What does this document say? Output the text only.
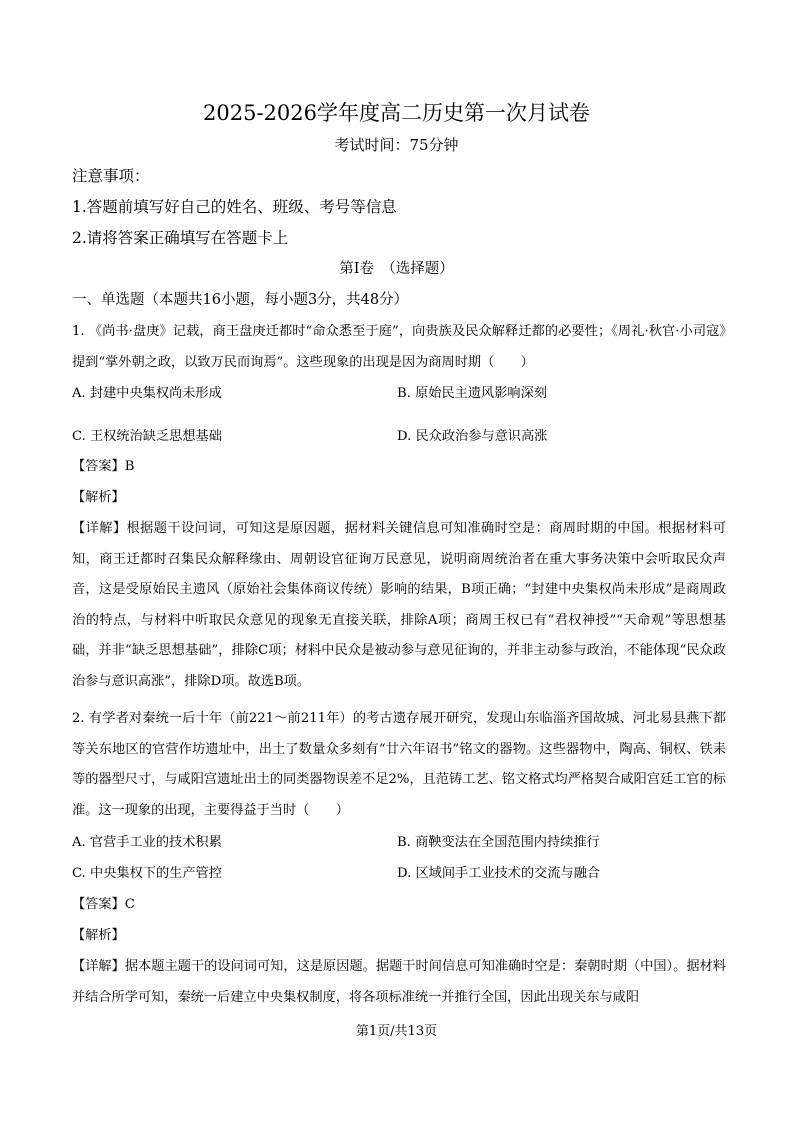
2025-2026学年度高二历史第一次月试卷
考试时间：75分钟
注意事项：
1.答题前填写好自己的姓名、班级、考号等信息
2.请将答案正确填写在答题卡上
第Ⅰ卷　（选择题）
一、单选题（本题共16小题，每小题3分，共48分）
1. 《尚书·盘庚》记载，商王盘庚迁都时“命众悉至于庭”，向贵族及民众解释迁都的必要性；《周礼·秋官·小司寇》提到“掌外朝之政，以致万民而询焉”。这些现象的出现是因为商周时期（　　）
A. 封建中央集权尚未形成	B. 原始民主遗风影响深刻
C. 王权统治缺乏思想基础	D. 民众政治参与意识高涨
【答案】B
【解析】
【详解】根据题干设问词，可知这是原因题，据材料关键信息可知准确时空是：商周时期的中国。根据材料可知，商王迁都时召集民众解释缘由、周朝设官征询万民意见，说明商周统治者在重大事务决策中会听取民众声音，这是受原始民主遗风（原始社会集体商议传统）影响的结果，B项正确；“封建中央集权尚未形成”是商周政治的特点，与材料中听取民众意见的现象无直接关联，排除A项；商周王权已有“君权神授”“天命观”等思想基础，并非“缺乏思想基础”，排除C项；材料中民众是被动参与意见征询的，并非主动参与政治，不能体现“民众政治参与意识高涨”，排除D项。故选B项。
2. 有学者对秦统一后十年（前221～前211年）的考古遗存展开研究，发现山东临淄齐国故城、河北易县燕下都等关东地区的官营作坊遗址中，出土了数量众多刻有“廿六年诏书”铭文的器物。这些器物中，陶高、铜权、铁耒等的器型尺寸，与咸阳宫遗址出土的同类器物误差不足2%，且范铸工艺、铭文格式均严格契合咸阳宫廷工官的标准。这一现象的出现，主要得益于当时（　　）
A. 官营手工业的技术积累	B. 商鞅变法在全国范围内持续推行
C. 中央集权下的生产管控	D. 区域间手工业技术的交流与融合
【答案】C
【解析】
【详解】据本题主题干的设问词可知，这是原因题。据题干时间信息可知准确时空是：秦朝时期（中国）。据材料并结合所学可知，秦统一后建立中央集权制度，将各项标准统一并推行全国，因此出现关东与咸阳
第1页/共13页
